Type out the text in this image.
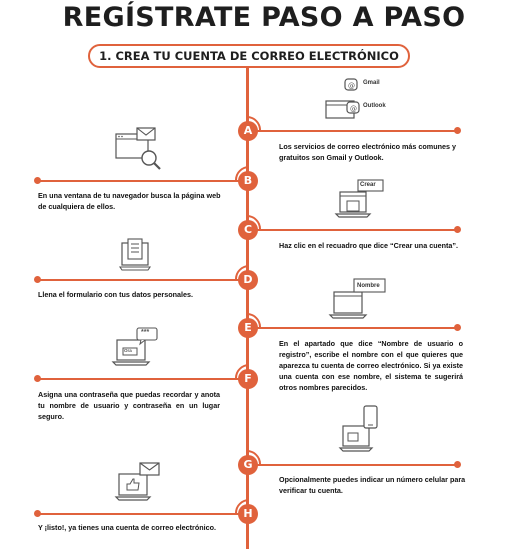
REGÍSTRATE PASO A PASO
1. CREA TU CUENTA DE CORREO ELECTRÓNICO
A
Los servicios de correo electrónico más comunes y gratuitos son Gmail y Outlook.
@
@
Gmail
Outlook
B
En una ventana de tu navegador busca la página web de cualquiera de ellos.
C
Haz clic en el recuadro que dice “Crear una cuenta”.
Crear
D
Llena el formulario con tus datos personales.
E
En el apartado que dice “Nombre de usuario o registro”, escribe el nombre con el que quieres que aparezca tu cuenta de correo electrónico. Si ya existe una cuenta con ese nombre, el sistema te sugerirá otros nombres parecidos.
Nombre
F
Asigna una contraseña que puedas recordar y anota tu nombre de usuario y contraseña en un lugar seguro.
***
Ora
G
Opcionalmente puedes indicar un número celular para verificar tu cuenta.
H
Y ¡listo!, ya tienes una cuenta de correo electrónico.
